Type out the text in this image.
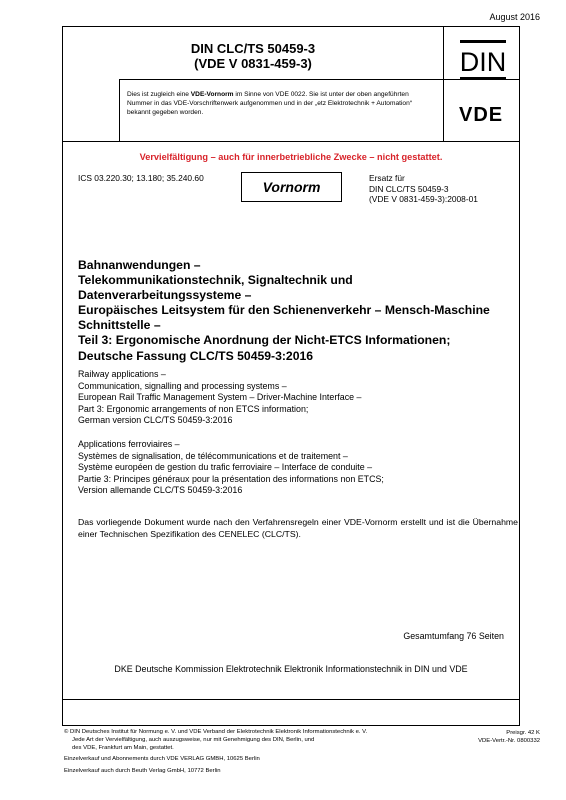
August 2016
DIN CLC/TS 50459-3
(VDE V 0831-459-3)	DIN
Dies ist zugleich eine VDE-Vornorm im Sinne von VDE 0022. Sie ist unter der oben angeführten Nummer in das VDE-Vorschriftenwerk aufgenommen und in der „etz Elektrotechnik + Automation“ bekannt gegeben worden.	VDE
Vervielfältigung – auch für innerbetriebliche Zwecke – nicht gestattet.
ICS 03.220.30; 13.180; 35.240.60
Vornorm
Ersatz für
DIN CLC/TS 50459-3
(VDE V 0831-459-3):2008-01
Bahnanwendungen –
Telekommunikationstechnik, Signaltechnik und
Datenverarbeitungssysteme –
Europäisches Leitsystem für den Schienenverkehr – Mensch-Maschine
Schnittstelle –
Teil 3: Ergonomische Anordnung der Nicht-ETCS Informationen;
Deutsche Fassung CLC/TS 50459-3:2016
Railway applications –
Communication, signalling and processing systems –
European Rail Traffic Management System – Driver-Machine Interface –
Part 3: Ergonomic arrangements of non ETCS information;
German version CLC/TS 50459-3:2016
Applications ferroviaires –
Systèmes de signalisation, de télécommunications et de traitement –
Système européen de gestion du trafic ferroviaire – Interface de conduite –
Partie 3: Principes généraux pour la présentation des informations non ETCS;
Version allemande CLC/TS 50459-3:2016
Das vorliegende Dokument wurde nach den Verfahrensregeln einer VDE-Vornorm erstellt und ist die Übernahme einer Technischen Spezifikation des CENELEC (CLC/TS).
Gesamtumfang 76 Seiten
DKE Deutsche Kommission Elektrotechnik Elektronik Informationstechnik in DIN und VDE
© DIN Deutsches Institut für Normung e. V. und VDE Verband der Elektrotechnik Elektronik Informationstechnik e. V.
Jede Art der Vervielfältigung, auch auszugsweise, nur mit Genehmigung des DIN, Berlin, und
des VDE, Frankfurt am Main, gestattet.
Einzelverkauf und Abonnements durch VDE VERLAG GMBH, 10625 Berlin
Einzelverkauf auch durch Beuth Verlag GmbH, 10772 Berlin
Preisgr. 42 K
VDE-Vertr.-Nr. 0800332
